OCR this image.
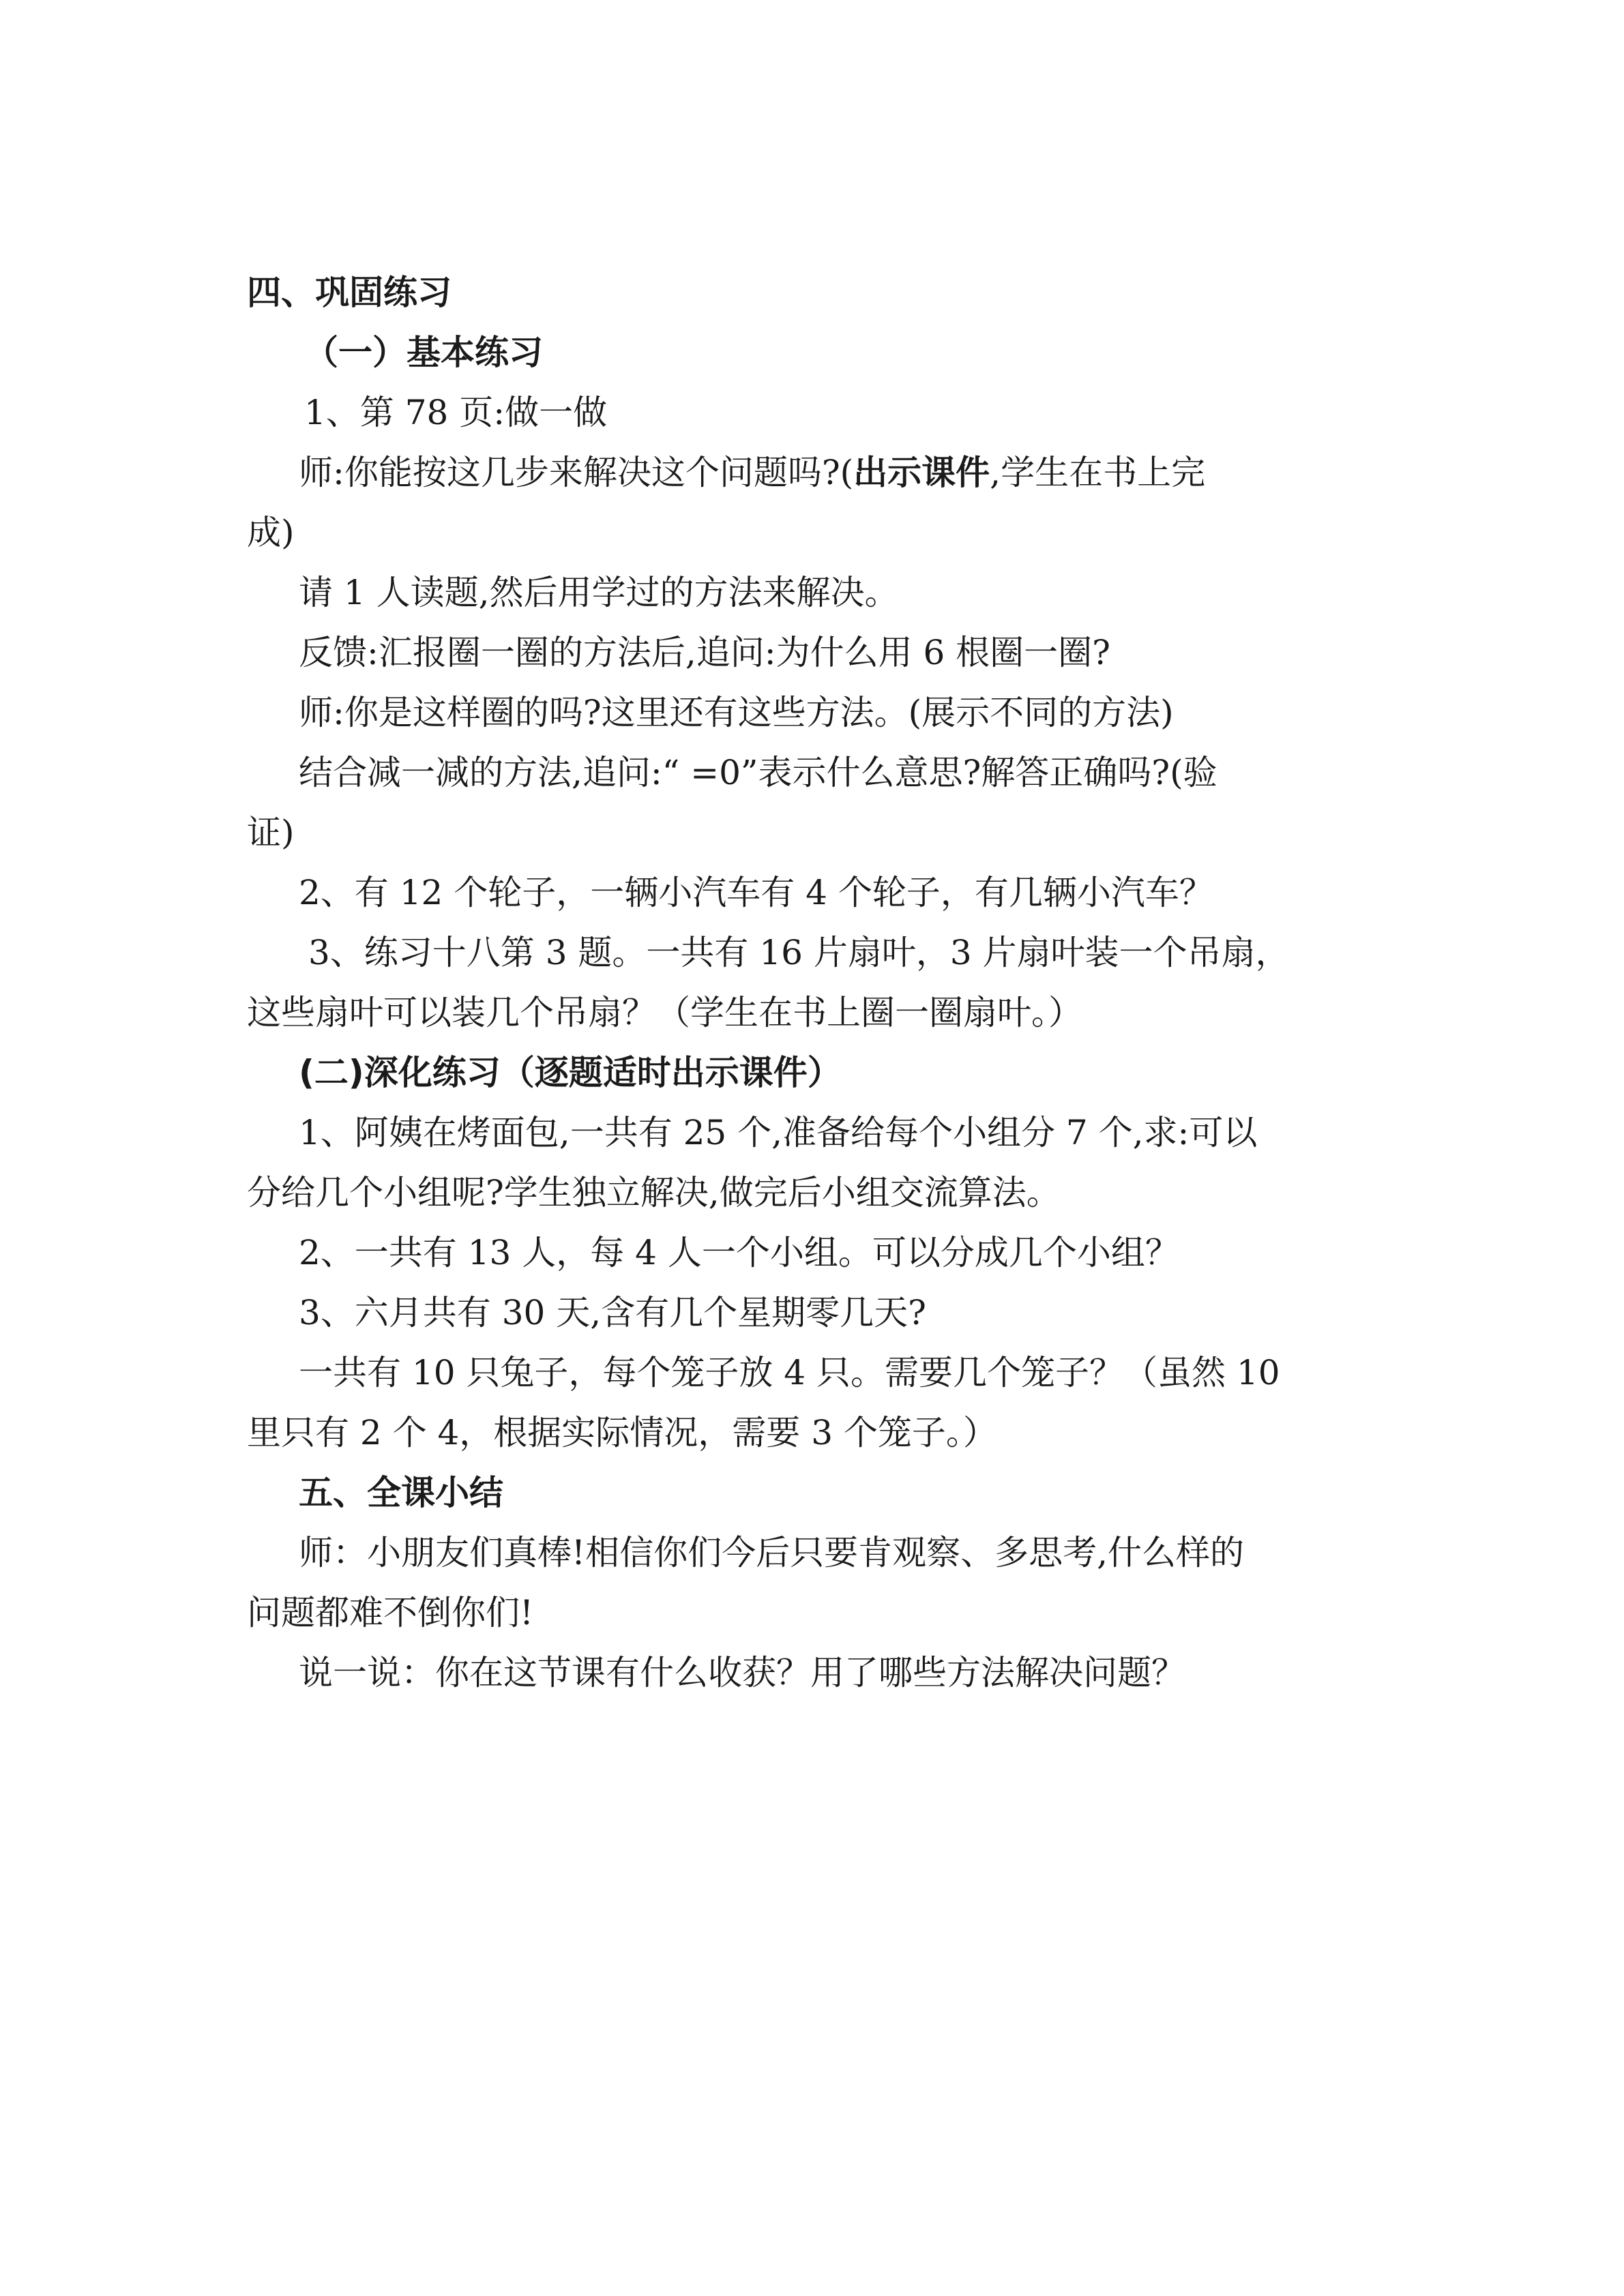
四、巩固练习
（一）基本练习
1、第 78 页:做一做
师:你能按这几步来解决这个问题吗?(出示课件,学生在书上完
成)
请 1 人读题,然后用学过的方法来解决。
反馈:汇报圈一圈的方法后,追问:为什么用 6 根圈一圈?
师:你是这样圈的吗?这里还有这些方法。(展示不同的方法)
结合减一减的方法,追问:“ =0”表示什么意思?解答正确吗?(验
证)
2、有 12 个轮子，一辆小汽车有 4 个轮子，有几辆小汽车？
3、练习十八第 3 题。一共有 16 片扇叶，3 片扇叶装一个吊扇，
这些扇叶可以装几个吊扇？（学生在书上圈一圈扇叶。）
(二)深化练习（逐题适时出示课件）
1、阿姨在烤面包,一共有 25 个,准备给每个小组分 7 个,求:可以
分给几个小组呢?学生独立解决,做完后小组交流算法。
2、一共有 13 人，每 4 人一个小组。可以分成几个小组？
3、六月共有 30 天,含有几个星期零几天?
一共有 10 只兔子，每个笼子放 4 只。需要几个笼子？（虽然 10
里只有 2 个 4，根据实际情况，需要 3 个笼子。）
五、全课小结
师：小朋友们真棒!相信你们今后只要肯观察、多思考,什么样的
问题都难不倒你们!
说一说：你在这节课有什么收获？用了哪些方法解决问题？
